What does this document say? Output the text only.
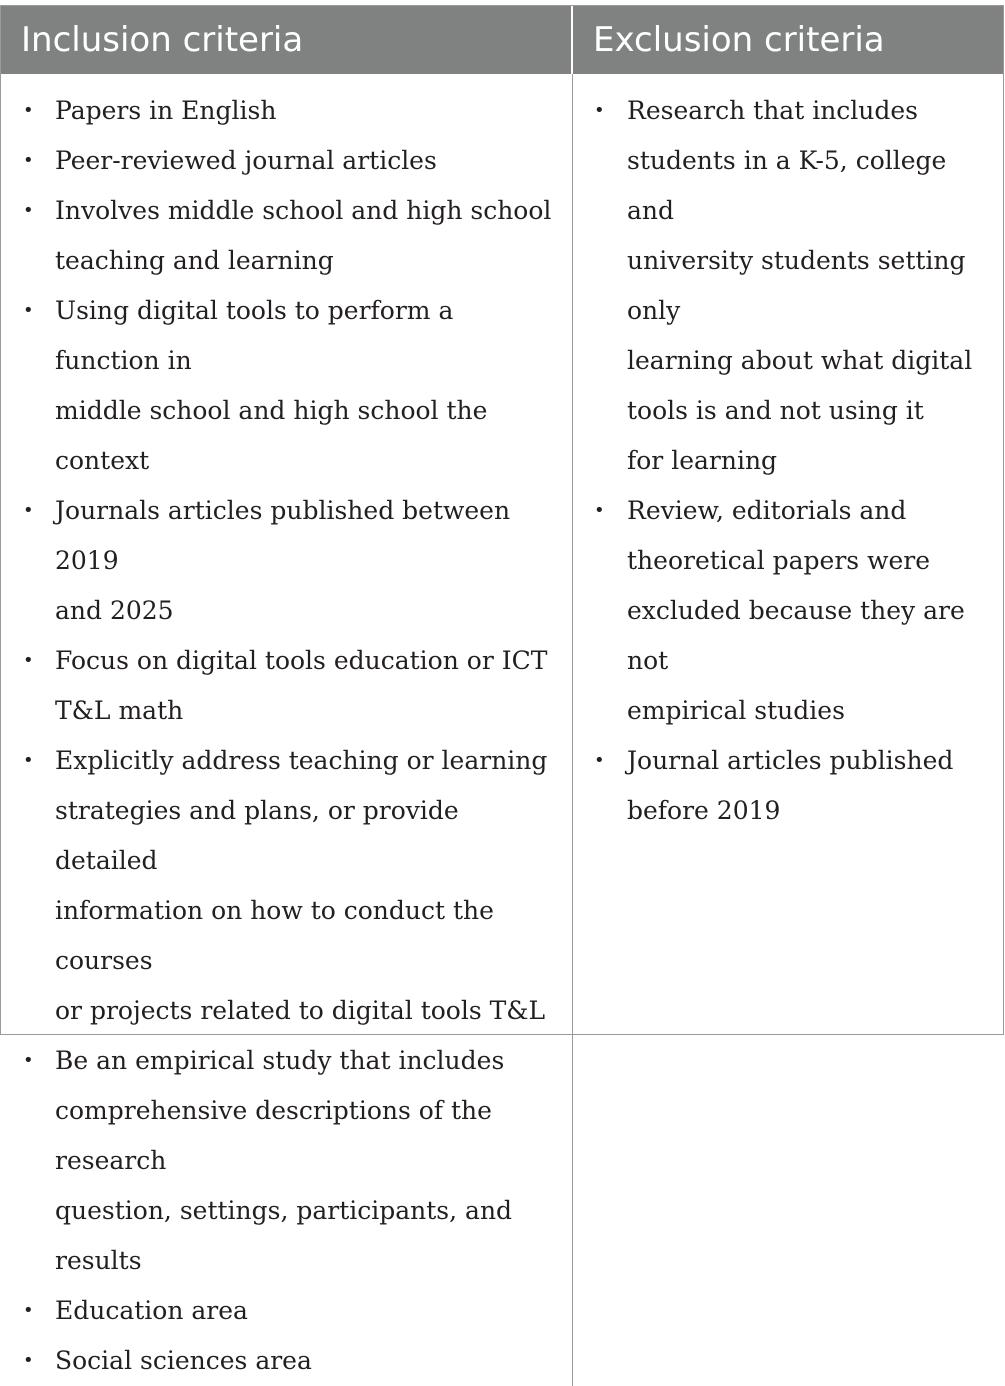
Inclusion criteria	Exclusion criteria
• Papers in English
• Peer-reviewed journal articles
• Involves middle school and high school
teaching and learning
• Using digital tools to perform a function in
middle school and high school the context
• Journals articles published between 2019
and 2025
• Focus on digital tools education or ICT
T&L math
• Explicitly address teaching or learning
strategies and plans, or provide detailed
information on how to conduct the courses
or projects related to digital tools T&L
• Be an empirical study that includes
comprehensive descriptions of the research
question, settings, participants, and results
• Education area
• Social sciences area
• Research that includes
students in a K-5, college and
university students setting only
learning about what digital
tools is and not using it
for learning
• Review, editorials and
theoretical papers were
excluded because they are not
empirical studies
• Journal articles published
before 2019
